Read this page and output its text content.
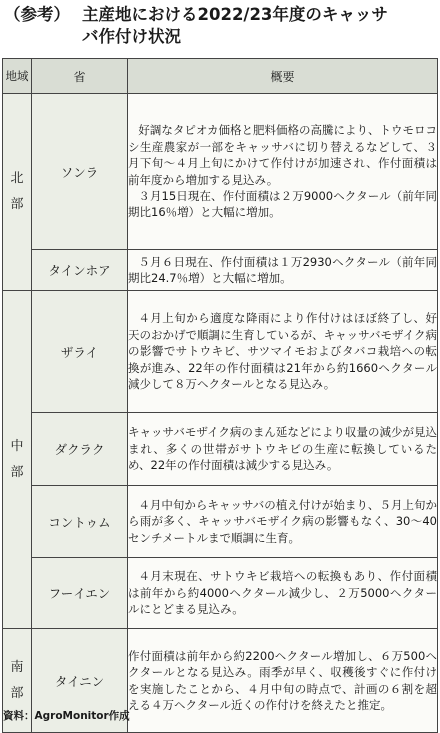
（参考） 主産地における2022/23年度のキャッサ
バ作付け状況
地域	省	概要
北部	ソンラ	好調なタピオカ価格と肥料価格の高騰により、トウモロコシ生産農家が一部をキャッサバに切り替えるなどして、３月下旬～４月上旬にかけて作付けが加速され、作付面積は前年度から増加する見込み。

３月15日現在、作付面積は２万9000ヘクタール（前年同期比16％増）と大幅に増加。

	タインホア	５月６日現在、作付面積は１万2930ヘクタール（前年同期比24.7％増）と大幅に増加。

中部	ザライ	４月上旬から適度な降雨により作付けはほぼ終了し、好天のおかげで順調に生育しているが、キャッサバモザイク病の影響でサトウキビ、サツマイモおよびタバコ栽培への転換が進み、22年の作付面積は21年から約1660ヘクタール減少して８万ヘクタールとなる見込み。

	ダクラク	キャッサバモザイク病のまん延などにより収量の減少が見込まれ、多くの世帯がサトウキビの生産に転換しているため、22年の作付面積は減少する見込み。

	コントゥム	４月中旬からキャッサバの植え付けが始まり、５月上旬から雨が多く、キャッサバモザイク病の影響もなく、30～40センチメートルまで順調に生育。

	フーイエン	４月末現在、サトウキビ栽培への転換もあり、作付面積は前年から約4000ヘクタール減少し、２万5000ヘクタールにとどまる見込み。

南部	タイニン	作付面積は前年から約2200ヘクタール増加し、６万500ヘクタールとなる見込み。雨季が早く、収穫後すぐに作付けを実施したことから、４月中旬の時点で、計画の６割を超える４万ヘクタール近くの作付けを終えたと推定。

資料：AgroMonitor作成
